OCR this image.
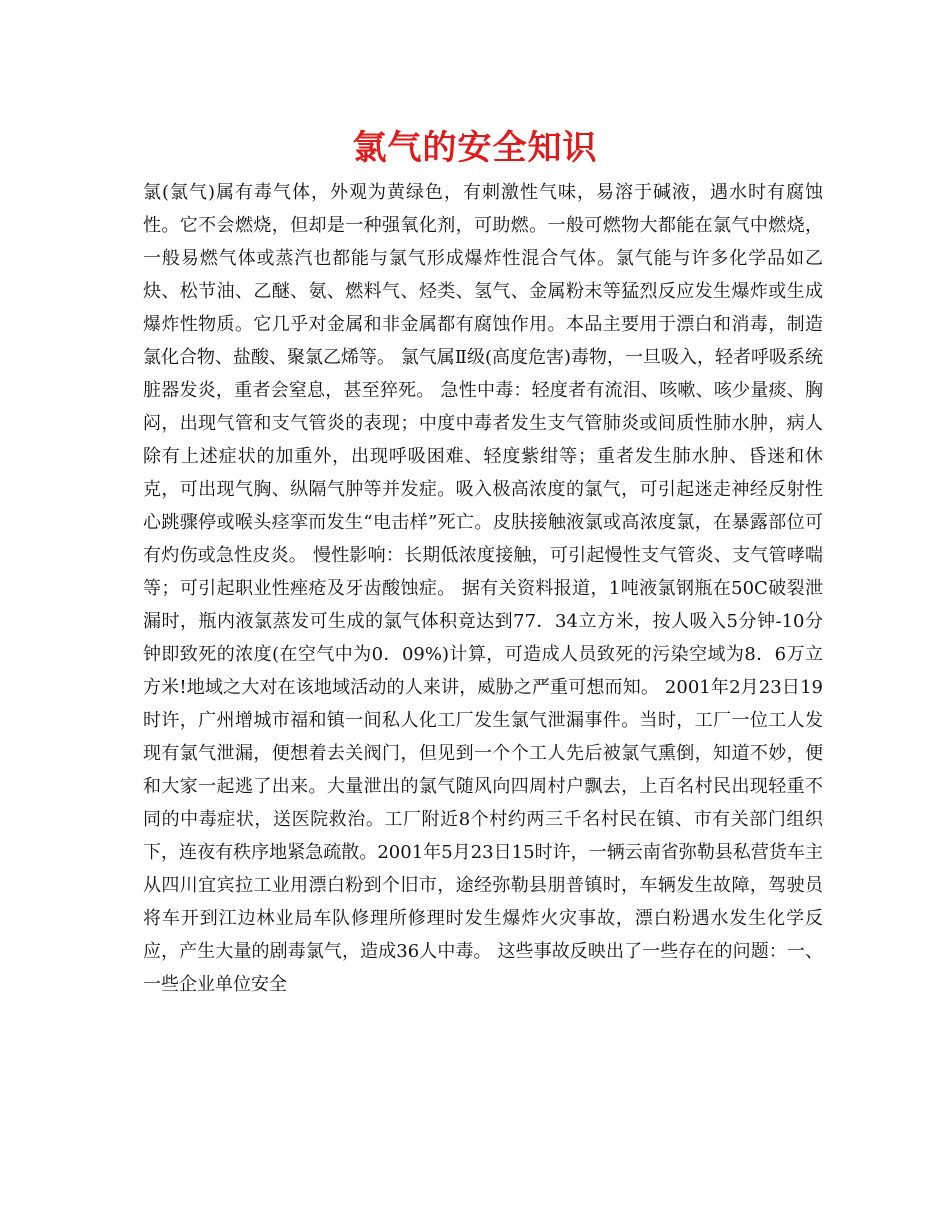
氯气的安全知识

氯(氯气)属有毒气体，外观为黄绿色，有刺激性气味，易溶于碱液，遇水时有腐蚀性。它不会燃烧，但却是一种强氧化剂，可助燃。一般可燃物大都能在氯气中燃烧，一般易燃气体或蒸汽也都能与氯气形成爆炸性混合气体。氯气能与许多化学品如乙炔、松节油、乙醚、氨、燃料气、烃类、氢气、金属粉末等猛烈反应发生爆炸或生成爆炸性物质。它几乎对金属和非金属都有腐蚀作用。本品主要用于漂白和消毒，制造氯化合物、盐酸、聚氯乙烯等。 氯气属Ⅱ级(高度危害)毒物，一旦吸入，轻者呼吸系统脏器发炎，重者会窒息，甚至猝死。 急性中毒：轻度者有流泪、咳嗽、咳少量痰、胸闷，出现气管和支气管炎的表现；中度中毒者发生支气管肺炎或间质性肺水肿，病人除有上述症状的加重外，出现呼吸困难、轻度紫绀等；重者发生肺水肿、昏迷和休克，可出现气胸、纵隔气肿等并发症。吸入极高浓度的氯气，可引起迷走神经反射性心跳骤停或喉头痉挛而发生“电击样”死亡。皮肤接触液氯或高浓度氯，在暴露部位可有灼伤或急性皮炎。 慢性影响：长期低浓度接触，可引起慢性支气管炎、支气管哮喘等；可引起职业性痤疮及牙齿酸蚀症。 据有关资料报道，1吨液氯钢瓶在50C破裂泄漏时，瓶内液氯蒸发可生成的氯气体积竟达到77．34立方米，按人吸入5分钟-10分钟即致死的浓度(在空气中为0．09%)计算，可造成人员致死的污染空域为8．6万立方米!地域之大对在该地域活动的人来讲，威胁之严重可想而知。 2001年2月23日19时许，广州增城市福和镇一间私人化工厂发生氯气泄漏事件。当时，工厂一位工人发现有氯气泄漏，便想着去关阀门，但见到一个个工人先后被氯气熏倒，知道不妙，便和大家一起逃了出来。大量泄出的氯气随风向四周村户飘去，上百名村民出现轻重不同的中毒症状，送医院救治。工厂附近8个村约两三千名村民在镇、市有关部门组织下，连夜有秩序地紧急疏散。2001年5月23日15时许，一辆云南省弥勒县私营货车主从四川宜宾拉工业用漂白粉到个旧市，途经弥勒县朋普镇时，车辆发生故障，驾驶员将车开到江边林业局车队修理所修理时发生爆炸火灾事故，漂白粉遇水发生化学反应，产生大量的剧毒氯气，造成36人中毒。 这些事故反映出了一些存在的问题：一、一些企业单位安全
